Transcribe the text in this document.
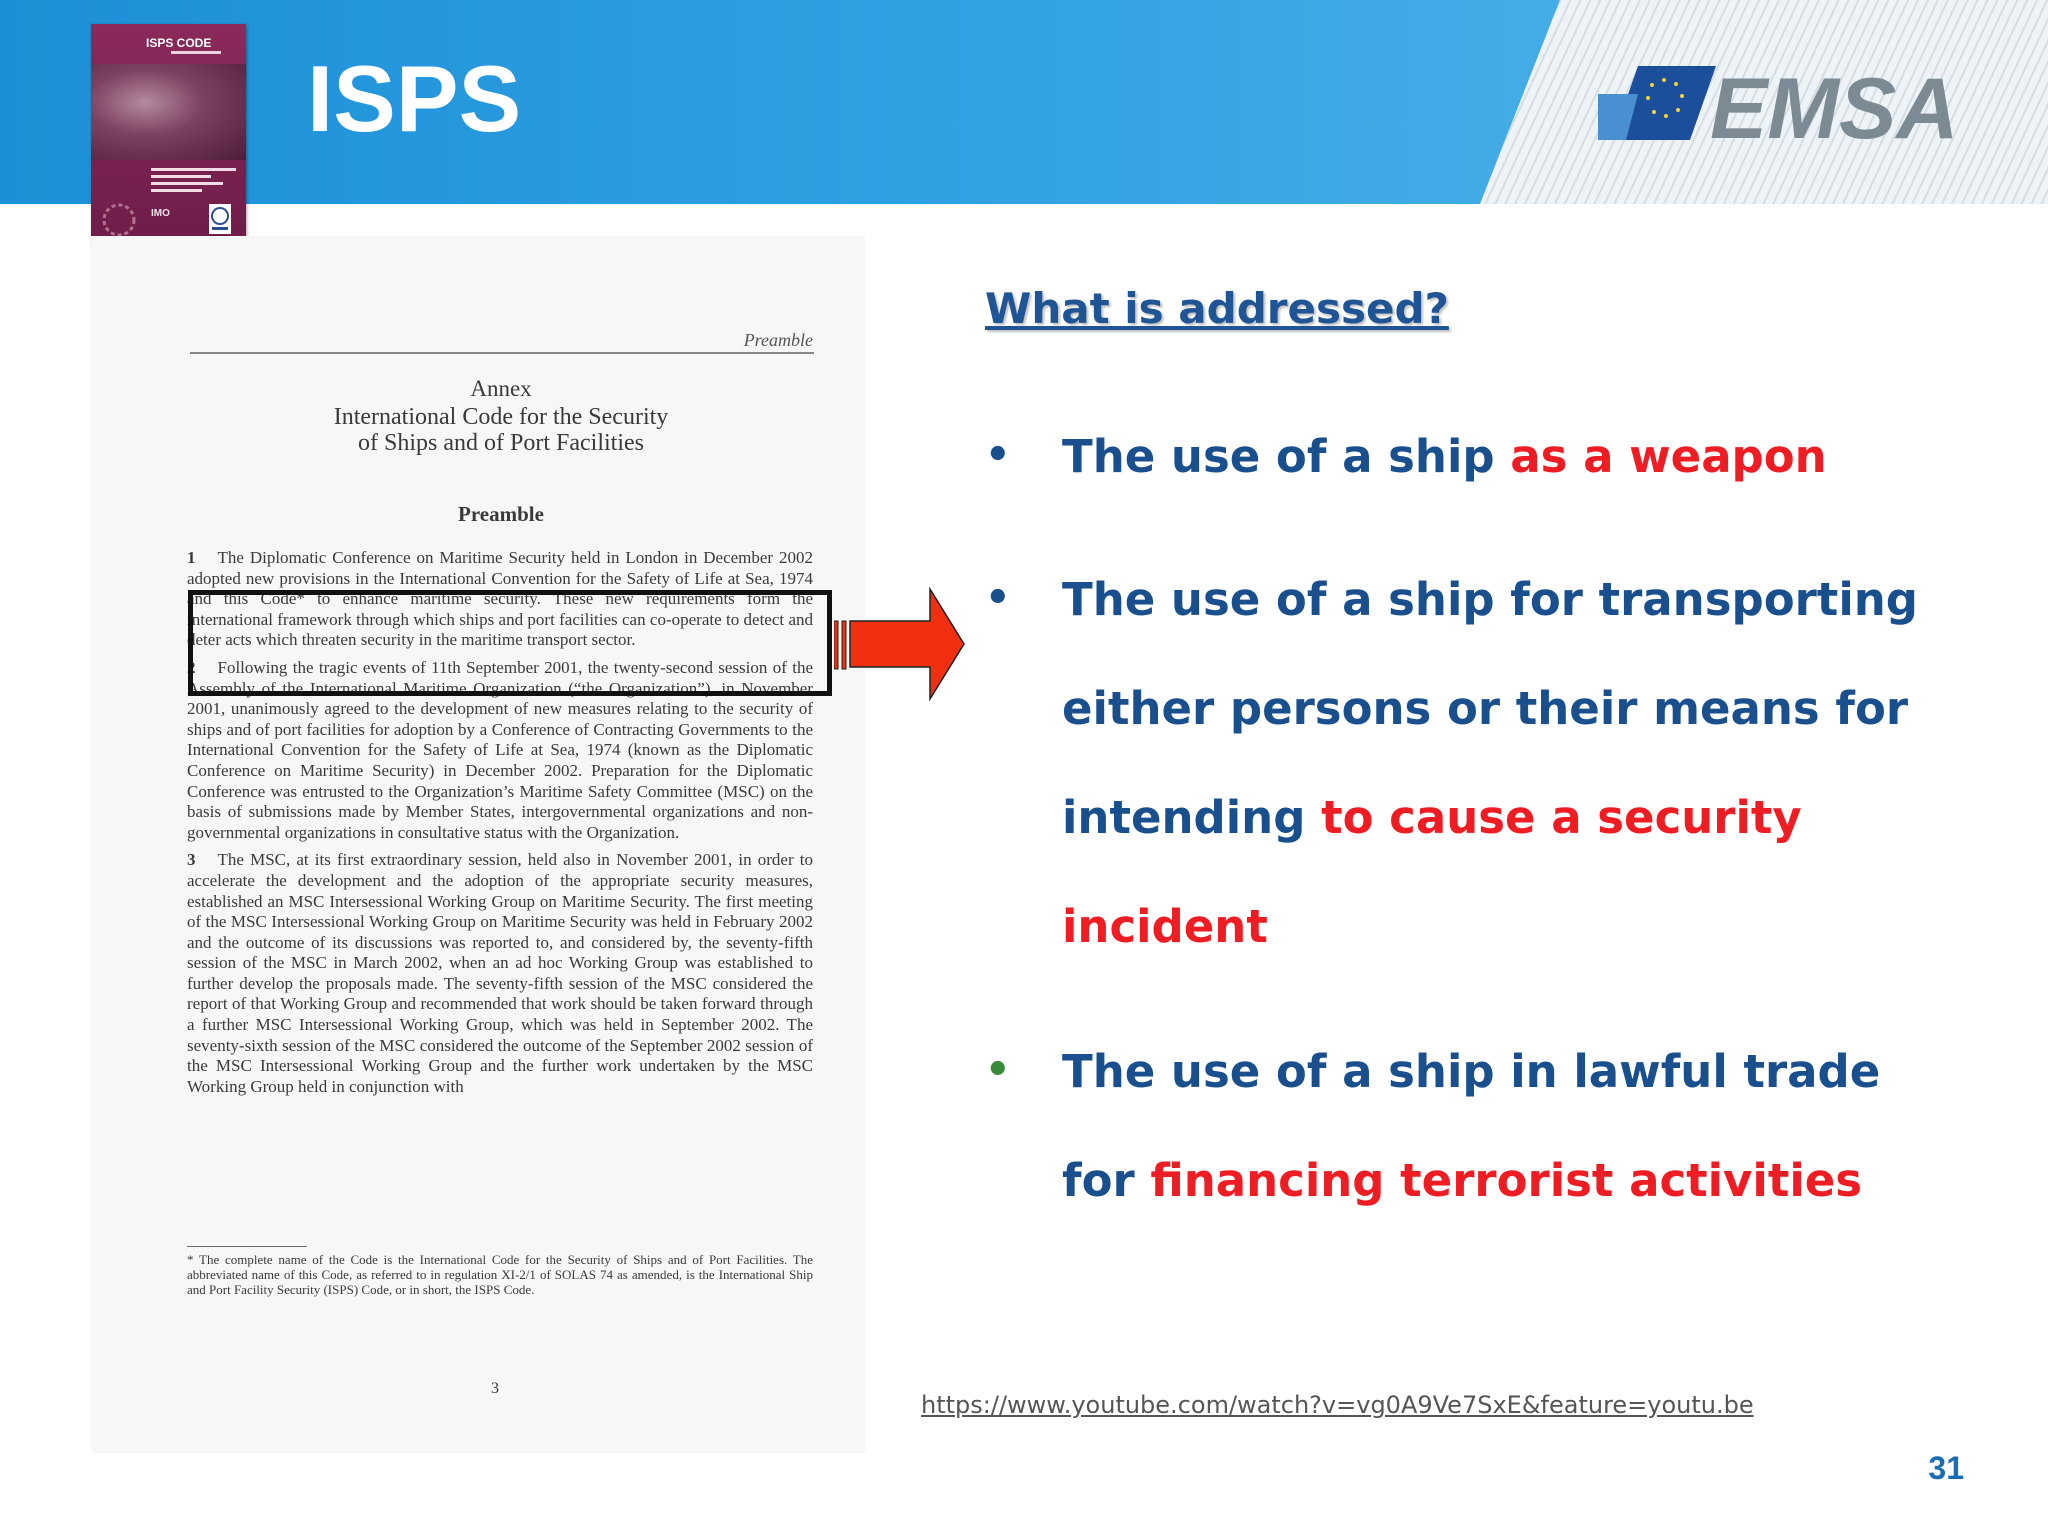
ISPS	EMSA
ISPS CODE
IMO
Preamble
Annex
International Code for the Security
of Ships and of Port Facilities
Preamble

1 The Diplomatic Conference on Maritime Security held in London in December 2002 adopted new provisions in the International Convention for the Safety of Life at Sea, 1974 and this Code* to enhance maritime security. These new requirements form the international framework through which ships and port facilities can co-operate to detect and deter acts which threaten security in the maritime transport sector.

2 Following the tragic events of 11th September 2001, the twenty-second session of the Assembly of the International Maritime Organization (“the Organization”), in November 2001, unanimously agreed to the development of new measures relating to the security of ships and of port facilities for adoption by a Conference of Contracting Governments to the International Convention for the Safety of Life at Sea, 1974 (known as the Diplomatic Conference on Maritime Security) in December 2002. Preparation for the Diplomatic Conference was entrusted to the Organization’s Maritime Safety Committee (MSC) on the basis of submissions made by Member States, intergovernmental organizations and non-governmental organizations in consultative status with the Organization.

3 The MSC, at its first extraordinary session, held also in November 2001, in order to accelerate the development and the adoption of the appropriate security measures, established an MSC Intersessional Working Group on Maritime Security. The first meeting of the MSC Intersessional Working Group on Maritime Security was held in February 2002 and the outcome of its discussions was reported to, and considered by, the seventy-fifth session of the MSC in March 2002, when an ad hoc Working Group was established to further develop the proposals made. The seventy-fifth session of the MSC considered the report of that Working Group and recommended that work should be taken forward through a further MSC Intersessional Working Group, which was held in September 2002. The seventy-sixth session of the MSC considered the outcome of the September 2002 session of the MSC Intersessional Working Group and the further work undertaken by the MSC Working Group held in conjunction with

* The complete name of the Code is the International Code for the Security of Ships and of Port Facilities. The abbreviated name of this Code, as referred to in regulation XI-2/1 of SOLAS 74 as amended, is the International Ship and Port Facility Security (ISPS) Code, or in short, the ISPS Code.
3
What is addressed?
• The use of a ship as a weapon
• The use of a ship for transporting either persons or their means for intending to cause a security incident
• The use of a ship in lawful trade for financing terrorist activities
https://www.youtube.com/watch?v=vg0A9Ve7SxE&feature=youtu.be
31
